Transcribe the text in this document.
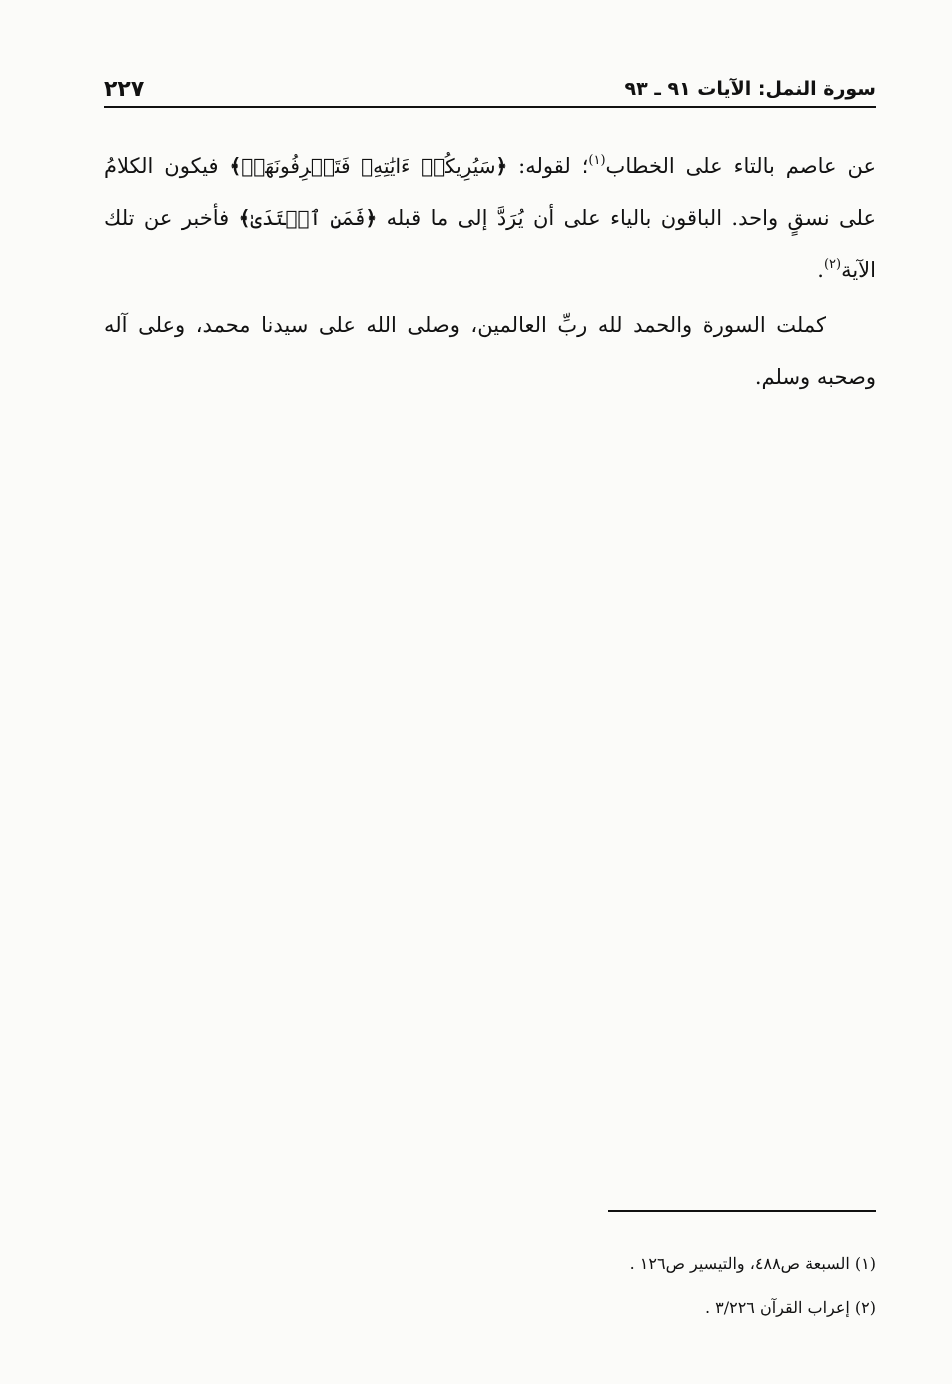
سورة النمل: الآيات ٩١ ـ ٩٣
٢٢٧

عن عاصم بالتاء على الخطاب$^{(١)}$؛ لقوله: ﴿سَيُرِيكُمۡ ءَايَٰتِهِۦ فَتَعۡرِفُونَهَاۚ﴾ فيكون الكلامُ على نسقٍ واحد. الباقون بالياء على أن يُرَدَّ إلى ما قبله ﴿فَمَنِ ٱهۡتَدَىٰ﴾ فأخبر عن تلك الآية$^{(٢)}$.

كملت السورة والحمد لله ربِّ العالمين، وصلى الله على سيدنا محمد، وعلى آله وصحبه وسلم.

(١) السبعة ص٤٨٨، والتيسير ص١٢٦ .

(٢) إعراب القرآن ٣/٢٢٦ .
